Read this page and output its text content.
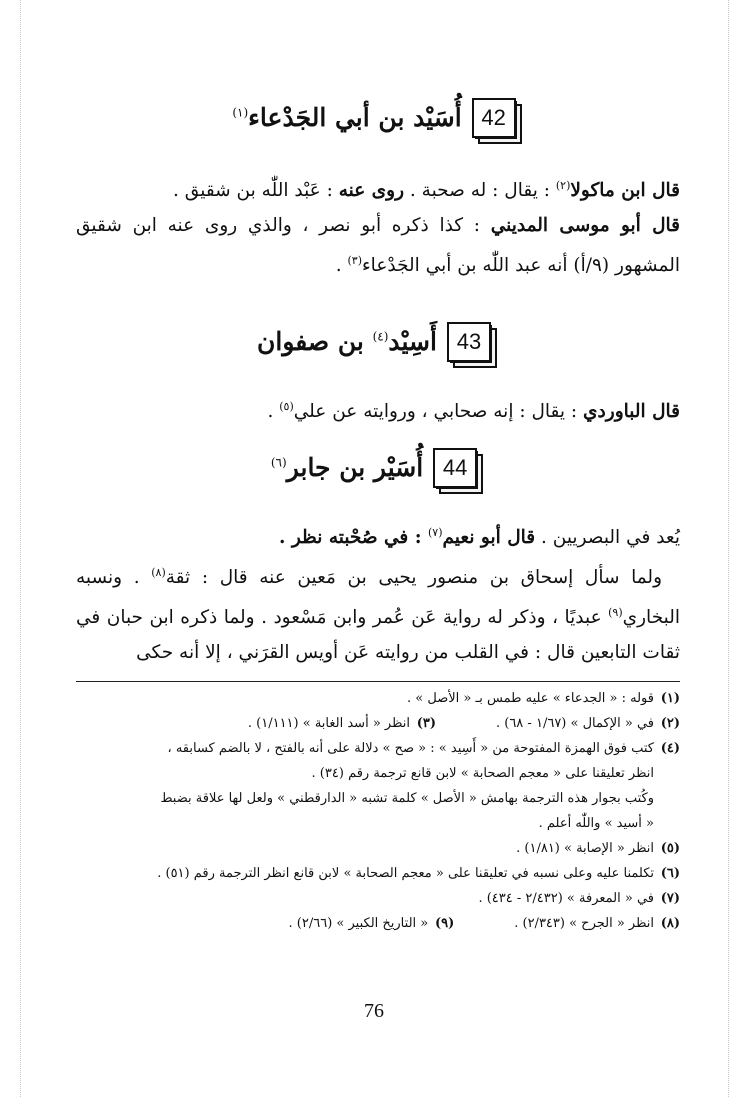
42
أُسَيْد بن أبي الجَدْعاء$^{(١)}$
قال ابن ماكولا$^{(٢)}$ : يقال : له صحبة . روى عنه : عَبْد اللّٰه بن شقيق .
قال أبو موسى المديني : كذا ذكره أبو نصر ، والذي روى عنه ابن شقيق المشهور (٩/أ) أنه عبد اللّٰه بن أبي الجَدْعاء$^{(٣)}$ .
43
أَسِيْد$^{(٤)}$ بن صفوان
قال الباوردي : يقال : إنه صحابي ، وروايته عن علي$^{(٥)}$ .
44
أُسَيْر بن جابر$^{(٦)}$
يُعد في البصريين . قال أبو نعيم$^{(٧)}$ : في صُحْبته نظر .
ولما سأل إسحاق بن منصور يحيى بن مَعين عنه قال : ثقة$^{(٨)}$ . ونسبه البخاري$^{(٩)}$ عبديًا ، وذكر له رواية عَن عُمر وابن مَسْعود . ولما ذكره ابن حبان في ثقات التابعين قال : في القلب من روايته عَن أويس القرَني ، إلا أنه حكى
(١)
قوله : « الجدعاء » عليه طمس بـ « الأصل » .
(٢)
في « الإكمال » (١/٦٧ - ٦٨) .
(٣)
انظر « أسد الغابة » (١/١١١) .
(٤)
كتب فوق الهمزة المفتوحة من « أَسِيد » : « صح » دلالة على أنه بالفتح ، لا بالضم كسابقه ،
انظر تعليقنا على « معجم الصحابة » لابن قانع ترجمة رقم (٣٤) .
وكُتب بجوار هذه الترجمة بهامش « الأصل » كلمة تشبه « الدارقطني » ولعل لها علاقة بضبط
« أسيد » واللّٰه أعلم .
(٥)
انظر « الإصابة » (١/٨١) .
(٦)
تكلمنا عليه وعلى نسبه في تعليقنا على « معجم الصحابة » لابن قانع انظر الترجمة رقم (٥١) .
(٧)
في « المعرفة » (٢/٤٣٢ - ٤٣٤) .
(٨)
انظر « الجرح » (٢/٣٤٣) .
(٩)
« التاريخ الكبير » (٢/٦٦) .
76
